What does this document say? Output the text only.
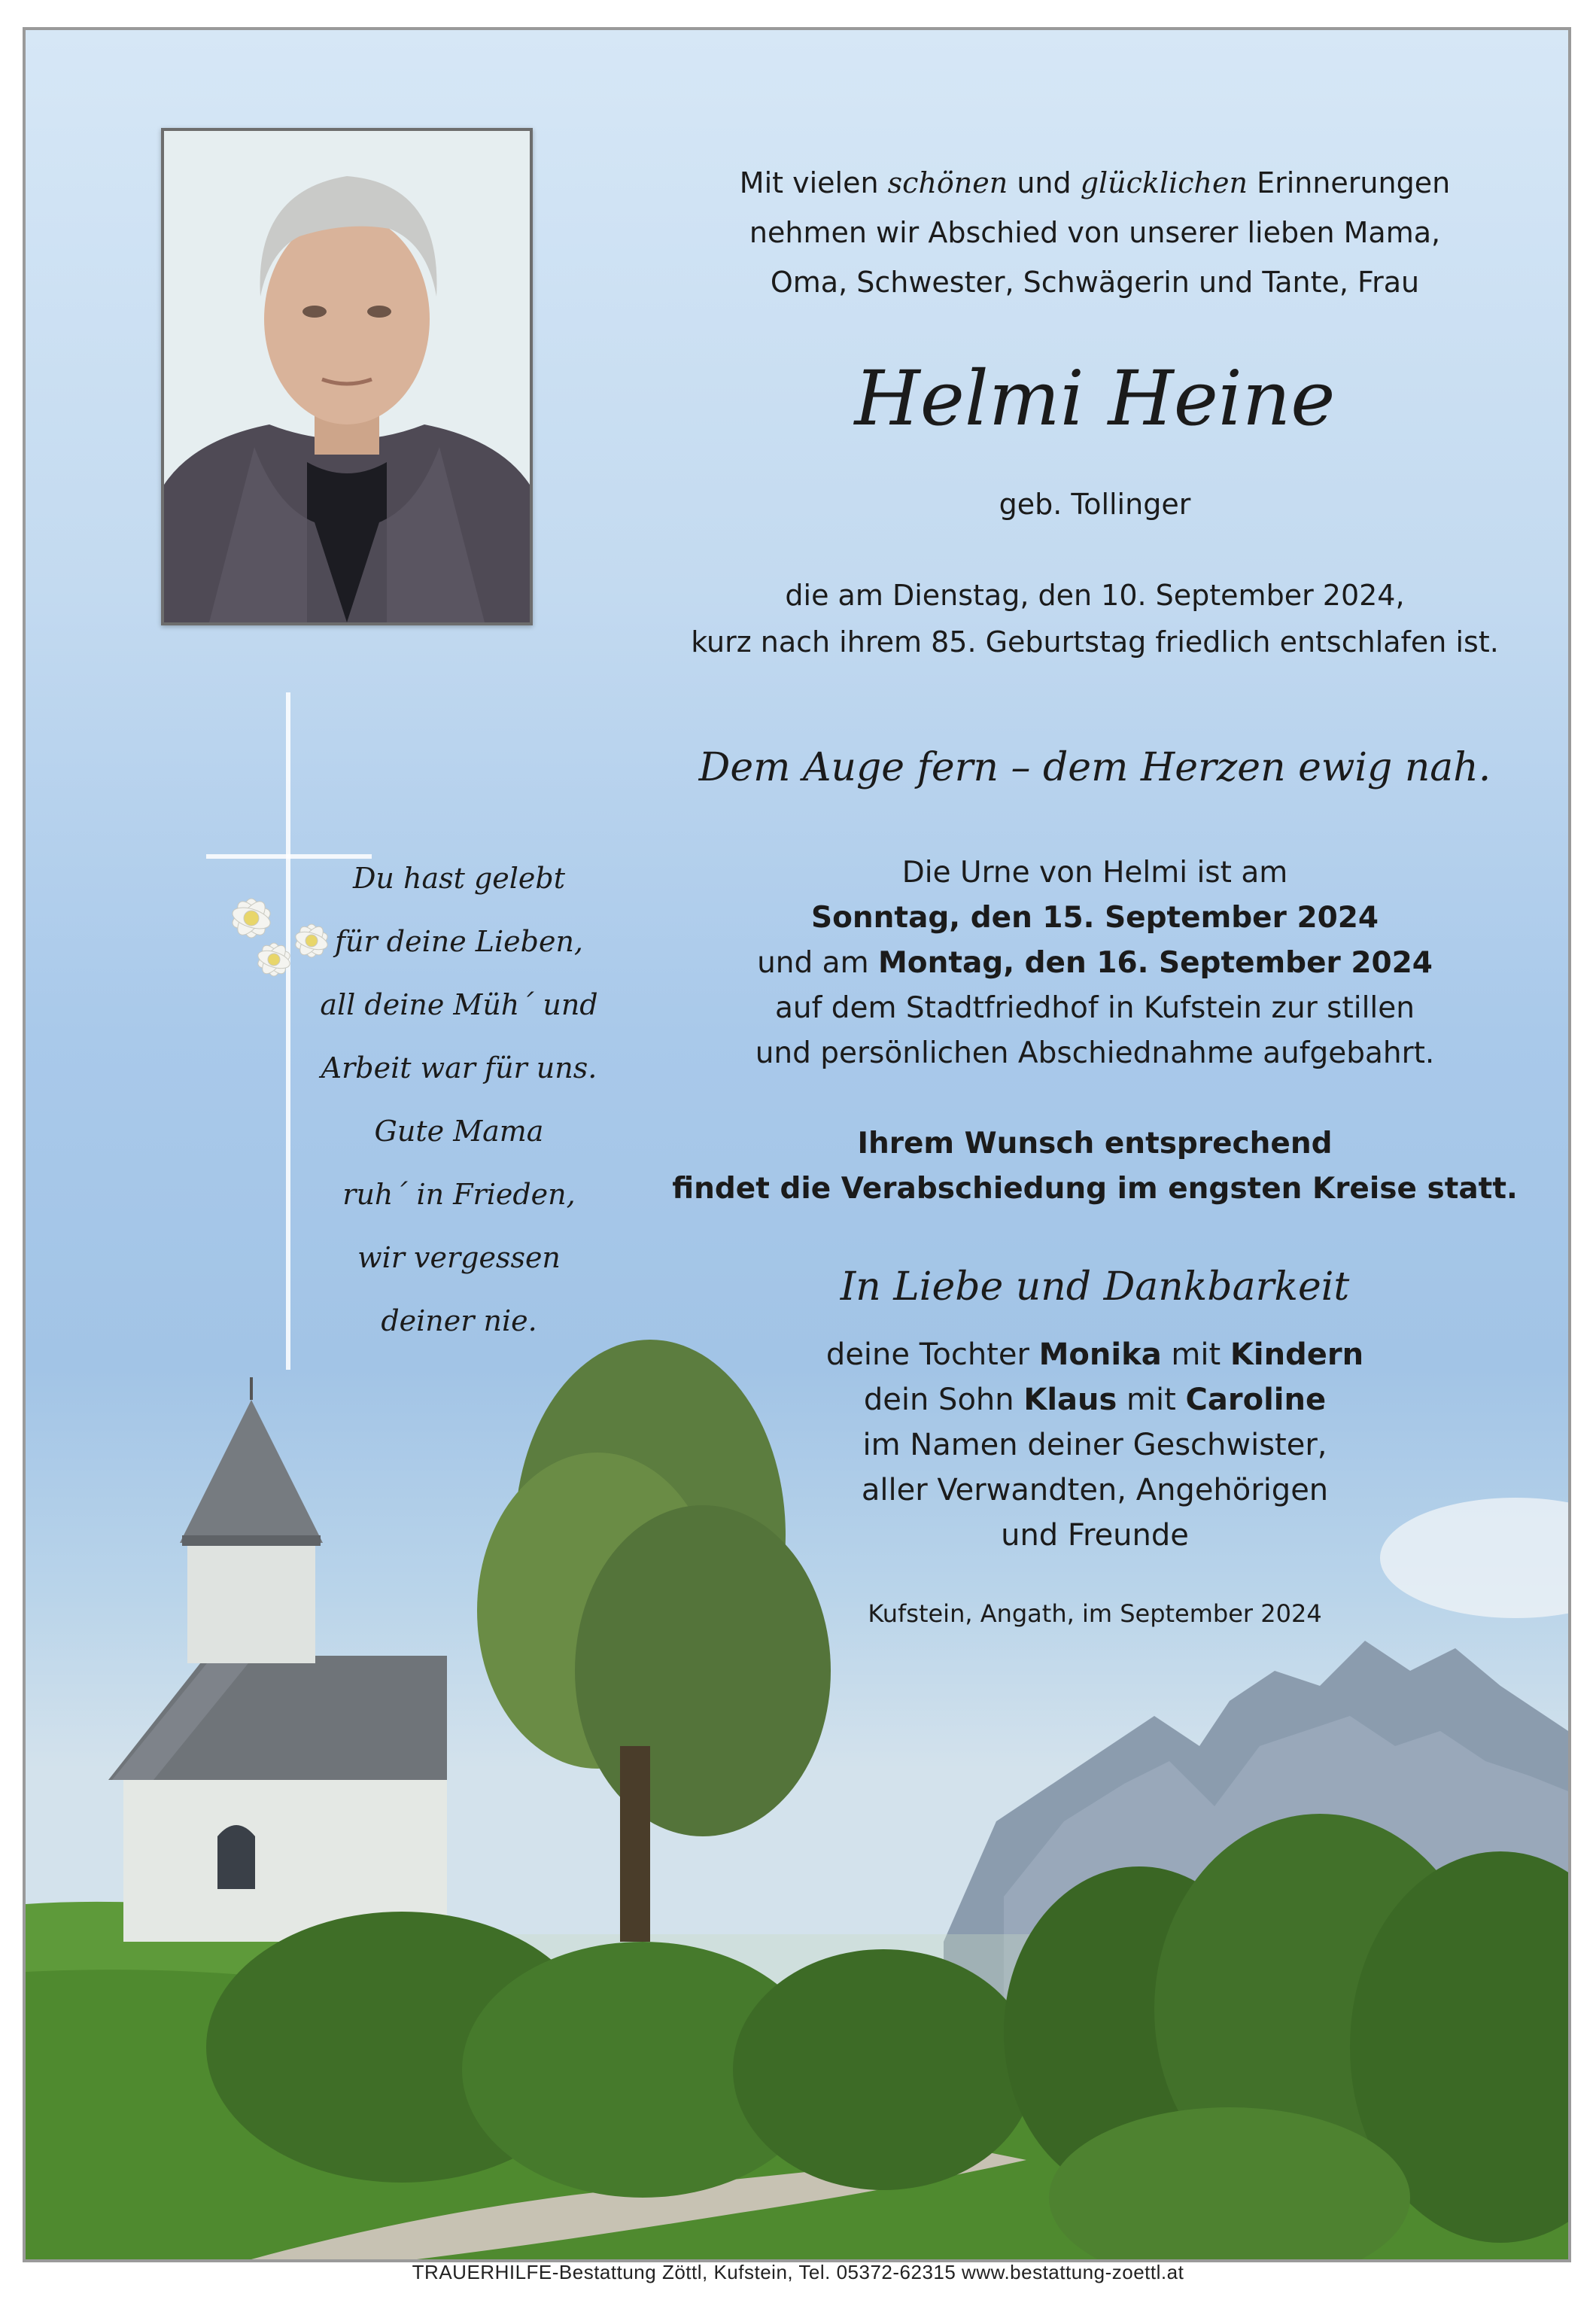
Mit vielen schönen und glücklichen Erinnerungen
nehmen wir Abschied von unserer lieben Mama,
Oma, Schwester, Schwägerin und Tante, Frau
Helmi Heine
geb. Tollinger
die am Dienstag, den 10. September 2024,
kurz nach ihrem 85. Geburtstag friedlich entschlafen ist.
Dem Auge fern – dem Herzen ewig nah.
Die Urne von Helmi ist am
Sonntag, den 15. September 2024
und am Montag, den 16. September 2024
auf dem Stadtfriedhof in Kufstein zur stillen
und persönlichen Abschiednahme aufgebahrt.
Ihrem Wunsch entsprechend
findet die Verabschiedung im engsten Kreise statt.
In Liebe und Dankbarkeit
deine Tochter Monika mit Kindern
dein Sohn Klaus mit Caroline
im Namen deiner Geschwister,
aller Verwandten, Angehörigen
und Freunde
Kufstein, Angath, im September 2024
Du hast gelebt
für deine Lieben,
all deine Müh´ und
Arbeit war für uns.
Gute Mama
ruh´ in Frieden,
wir vergessen
deiner nie.
TRAUERHILFE-Bestattung Zöttl, Kufstein, Tel. 05372-62315 www.bestattung-zoettl.at
